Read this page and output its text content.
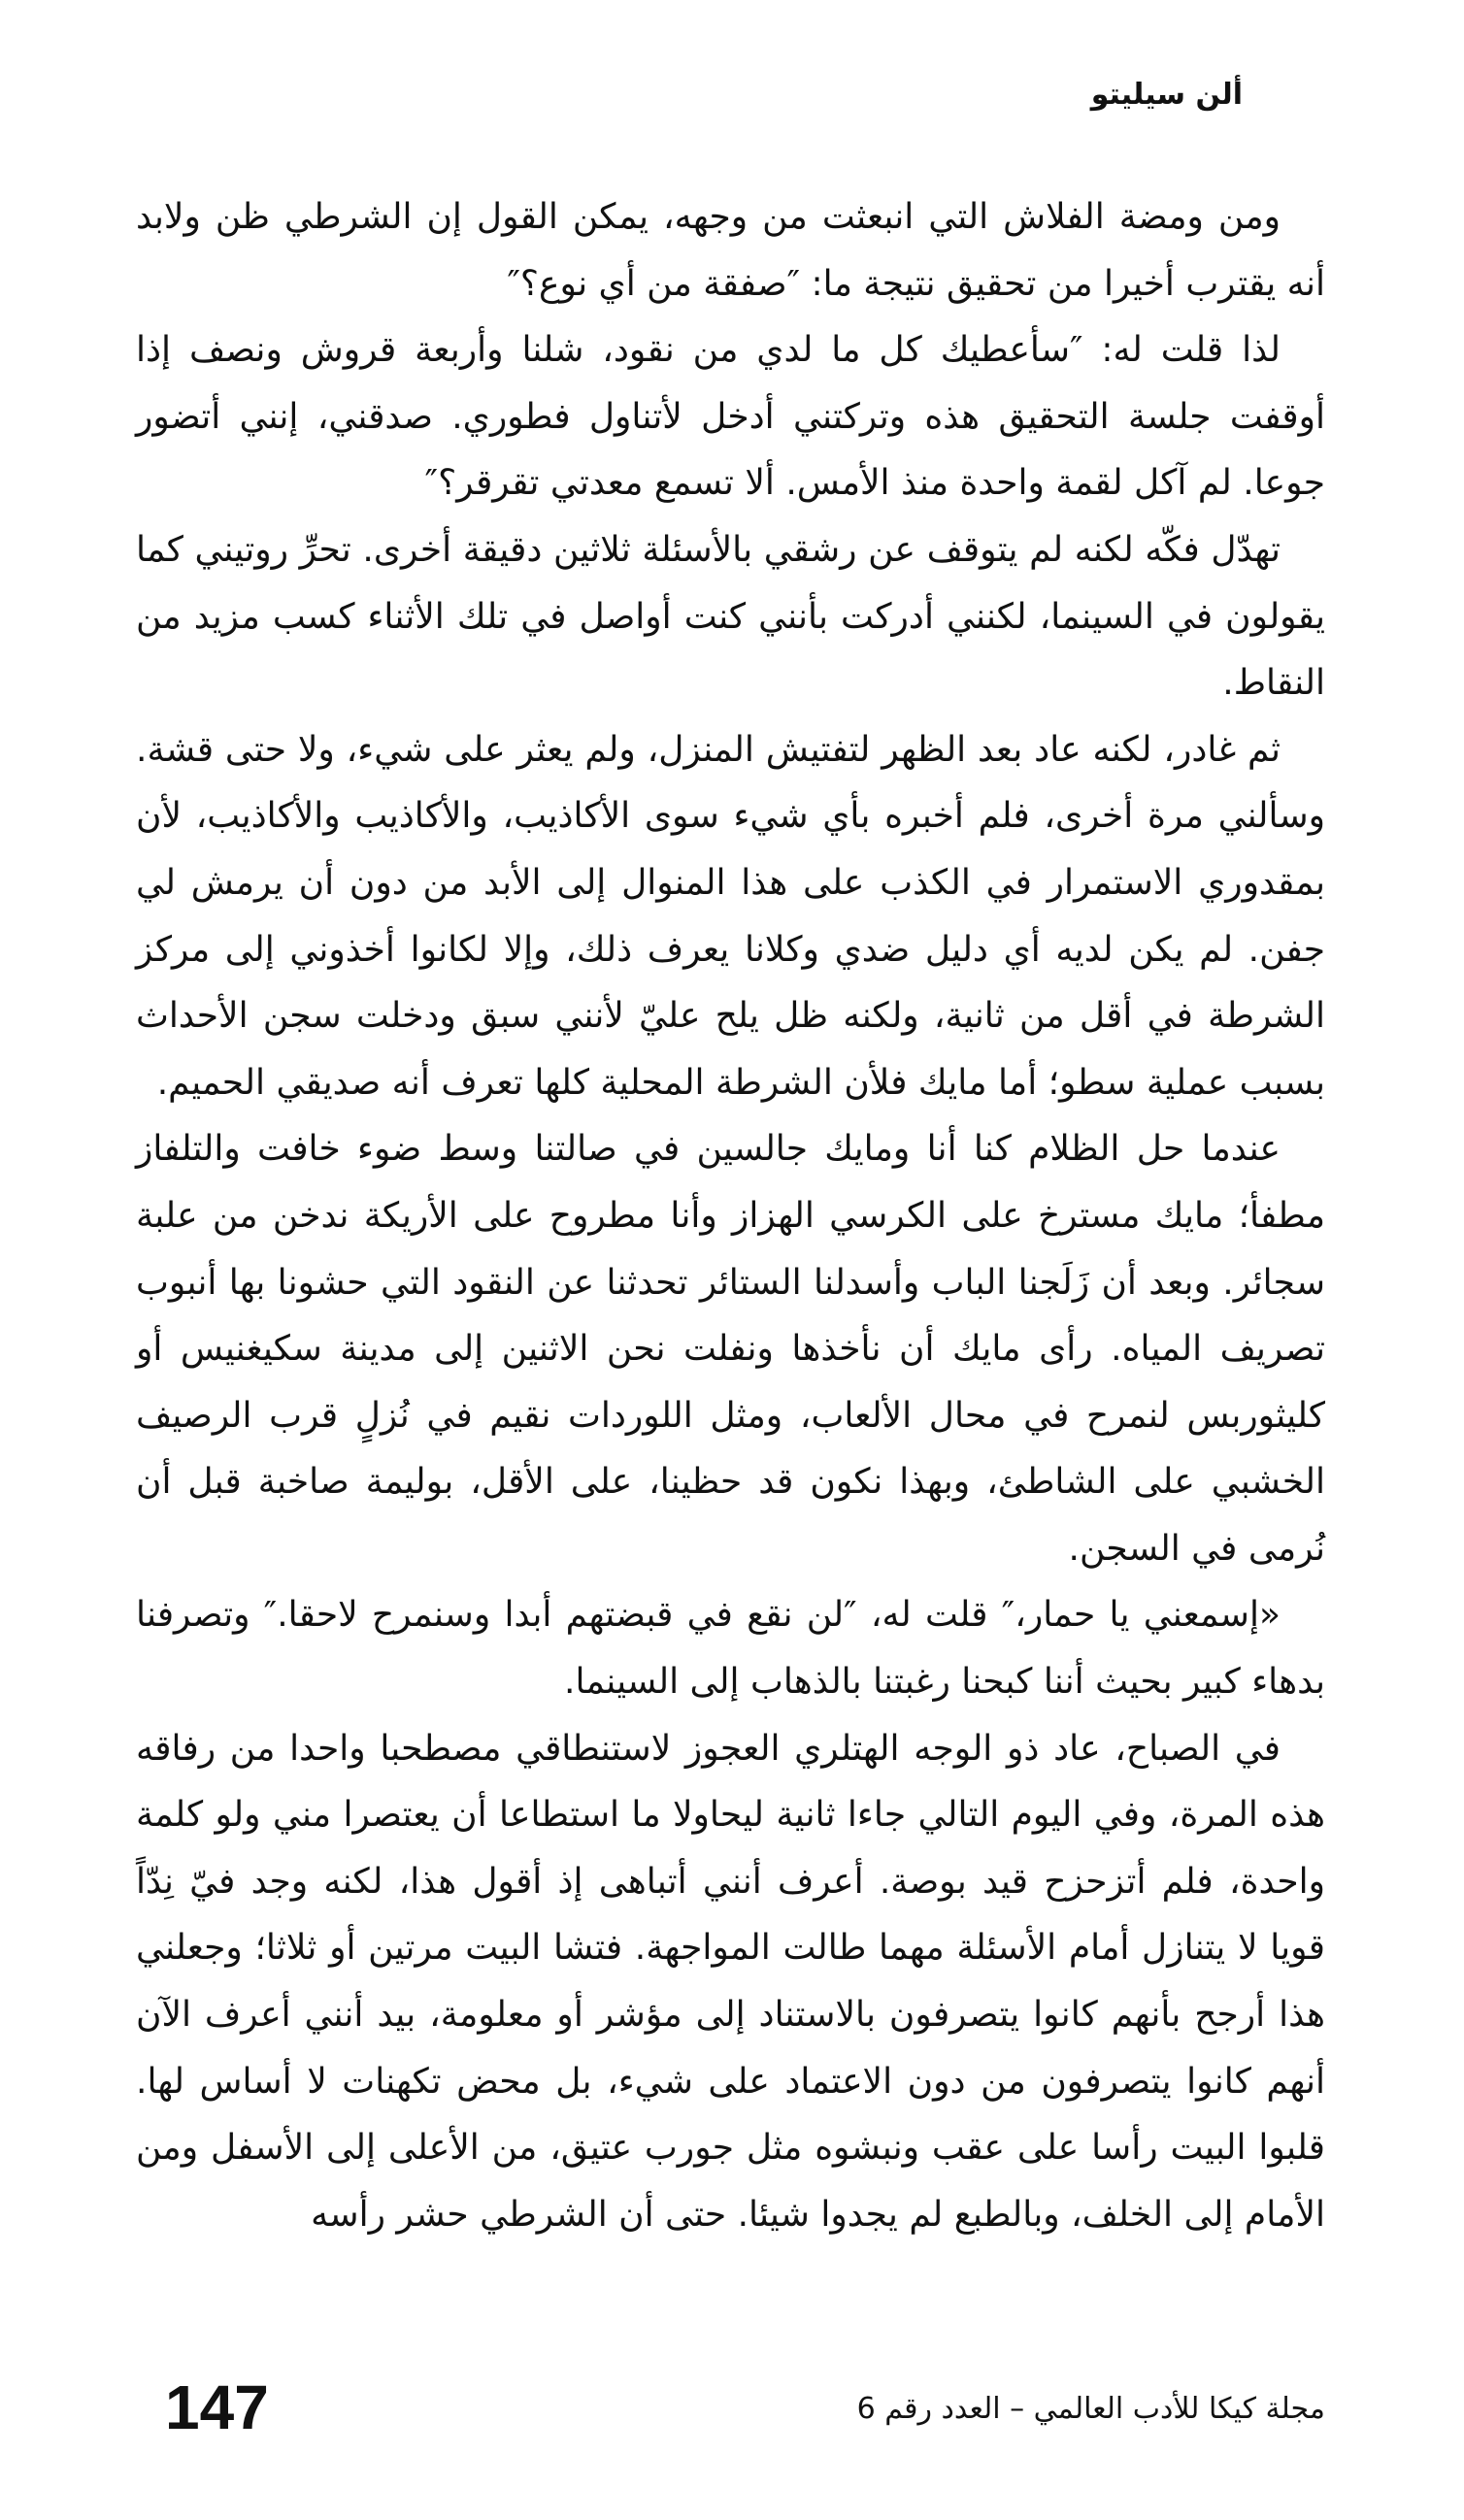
ألن سيليتو

ومن ومضة الفلاش التي انبعثت من وجهه، يمكن القول إن الشرطي ظن ولابد أنه يقترب أخيرا من تحقيق نتيجة ما: ″صفقة من أي نوع؟″

لذا قلت له: ″سأعطيك كل ما لدي من نقود، شلنا وأربعة قروش ونصف إذا أوقفت جلسة التحقيق هذه وتركتني أدخل لأتناول فطوري. صدقني، إنني أتضور جوعا. لم آكل لقمة واحدة منذ الأمس. ألا تسمع معدتي تقرقر؟″

تهدّل فكّه لكنه لم يتوقف عن رشقي بالأسئلة ثلاثين دقيقة أخرى. تحرِّ روتيني كما يقولون في السينما، لكنني أدركت بأنني كنت أواصل في تلك الأثناء كسب مزيد من النقاط.

ثم غادر، لكنه عاد بعد الظهر لتفتيش المنزل، ولم يعثر على شيء، ولا حتى قشة. وسألني مرة أخرى، فلم أخبره بأي شيء سوى الأكاذيب، والأكاذيب والأكاذيب، لأن بمقدوري الاستمرار في الكذب على هذا المنوال إلى الأبد من دون أن يرمش لي جفن. لم يكن لديه أي دليل ضدي وكلانا يعرف ذلك، وإلا لكانوا أخذوني إلى مركز الشرطة في أقل من ثانية، ولكنه ظل يلح عليّ لأنني سبق ودخلت سجن الأحداث بسبب عملية سطو؛ أما مايك فلأن الشرطة المحلية كلها تعرف أنه صديقي الحميم.

عندما حل الظلام كنا أنا ومايك جالسين في صالتنا وسط ضوء خافت والتلفاز مطفأ؛ مايك مسترخ على الكرسي الهزاز وأنا مطروح على الأريكة ندخن من علبة سجائر. وبعد أن زَلَجنا الباب وأسدلنا الستائر تحدثنا عن النقود التي حشونا بها أنبوب تصريف المياه. رأى مايك أن نأخذها ونفلت نحن الاثنين إلى مدينة سكيغنيس أو كليثوربس لنمرح في محال الألعاب، ومثل اللوردات نقيم في نُزلٍ قرب الرصيف الخشبي على الشاطئ، وبهذا نكون قد حظينا، على الأقل، بوليمة صاخبة قبل أن نُرمى في السجن.

«إسمعني يا حمار،″ قلت له، ″لن نقع في قبضتهم أبدا وسنمرح لاحقا.″ وتصرفنا بدهاء كبير بحيث أننا كبحنا رغبتنا بالذهاب إلى السينما.

في الصباح، عاد ذو الوجه الهتلري العجوز لاستنطاقي مصطحبا واحدا من رفاقه هذه المرة، وفي اليوم التالي جاءا ثانية ليحاولا ما استطاعا أن يعتصرا مني ولو كلمة واحدة، فلم أتزحزح قيد بوصة. أعرف أنني أتباهى إذ أقول هذا، لكنه وجد فيّ نِدّاً قويا لا يتنازل أمام الأسئلة مهما طالت المواجهة. فتشا البيت مرتين أو ثلاثا؛ وجعلني هذا أرجح بأنهم كانوا يتصرفون بالاستناد إلى مؤشر أو معلومة، بيد أنني أعرف الآن أنهم كانوا يتصرفون من دون الاعتماد على شيء، بل محض تكهنات لا أساس لها. قلبوا البيت رأسا على عقب ونبشوه مثل جورب عتيق، من الأعلى إلى الأسفل ومن الأمام إلى الخلف، وبالطبع لم يجدوا شيئا. حتى أن الشرطي حشر رأسه

مجلة كيكا للأدب العالمي – العدد رقم 6
147
